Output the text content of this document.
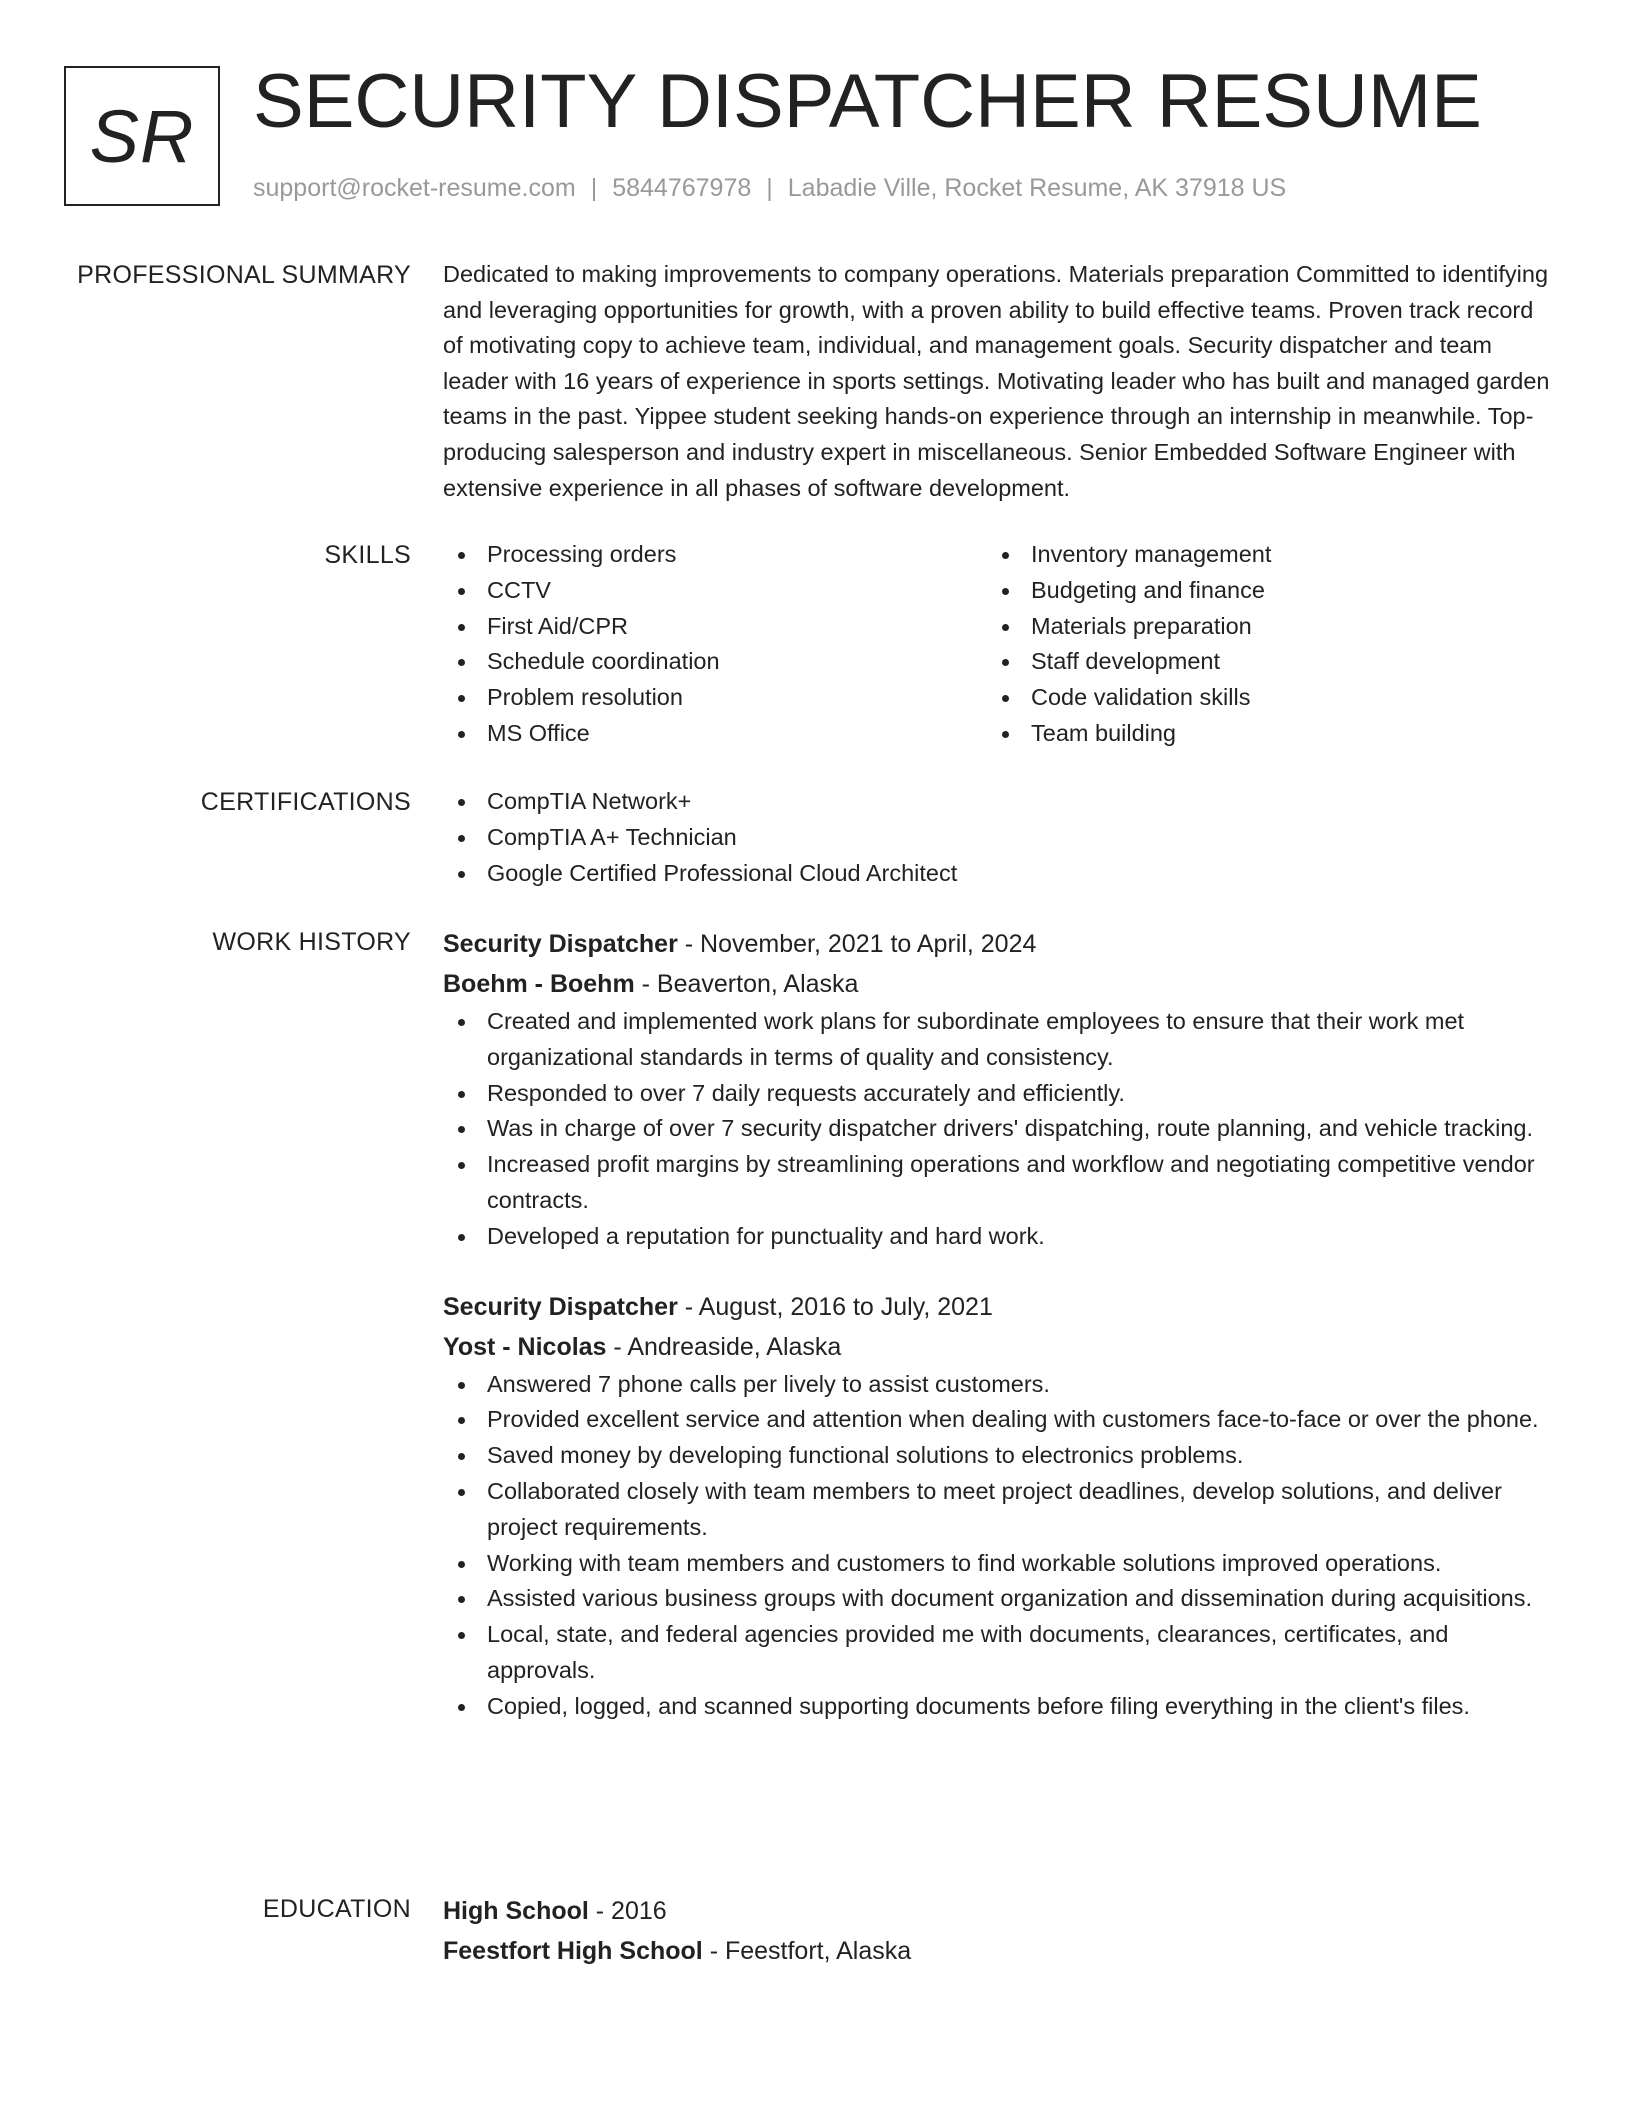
SR SECURITY DISPATCHER RESUME
support@rocket-resume.com | 5844767978 | Labadie Ville, Rocket Resume, AK 37918 US
PROFESSIONAL SUMMARY Dedicated to making improvements to company operations. Materials preparation Committed to identifying and leveraging opportunities for growth, with a proven ability to build effective teams. Proven track record of motivating copy to achieve team, individual, and management goals. Security dispatcher and team leader with 16 years of experience in sports settings. Motivating leader who has built and managed garden teams in the past. Yippee student seeking hands-on experience through an internship in meanwhile. Top-producing salesperson and industry expert in miscellaneous. Senior Embedded Software Engineer with extensive experience in all phases of software development.

SKILLS	Processing orders
CCTV
First Aid/CPR
Schedule coordination
Problem resolution
MS Office
Inventory management
Budgeting and finance
Materials preparation
Staff development
Code validation skills
Team building
CERTIFICATIONS	CompTIA Network+
CompTIA A+ Technician
Google Certified Professional Cloud Architect
WORK HISTORY Security Dispatcher - November, 2021 to April, 2024
Boehm - Boehm - Beaverton, Alaska
Created and implemented work plans for subordinate employees to ensure that their work met organizational standards in terms of quality and consistency.
Responded to over 7 daily requests accurately and efficiently.
Was in charge of over 7 security dispatcher drivers' dispatching, route planning, and vehicle tracking.
Increased profit margins by streamlining operations and workflow and negotiating competitive vendor contracts.
Developed a reputation for punctuality and hard work.
Security Dispatcher - August, 2016 to July, 2021
Yost - Nicolas - Andreaside, Alaska
Answered 7 phone calls per lively to assist customers.
Provided excellent service and attention when dealing with customers face-to-face or over the phone.
Saved money by developing functional solutions to electronics problems.
Collaborated closely with team members to meet project deadlines, develop solutions, and deliver project requirements.
Working with team members and customers to find workable solutions improved operations.
Assisted various business groups with document organization and dissemination during acquisitions.
Local, state, and federal agencies provided me with documents, clearances, certificates, and approvals.
Copied, logged, and scanned supporting documents before filing everything in the client's files.
EDUCATION High School - 2016
Feestfort High School - Feestfort, Alaska
